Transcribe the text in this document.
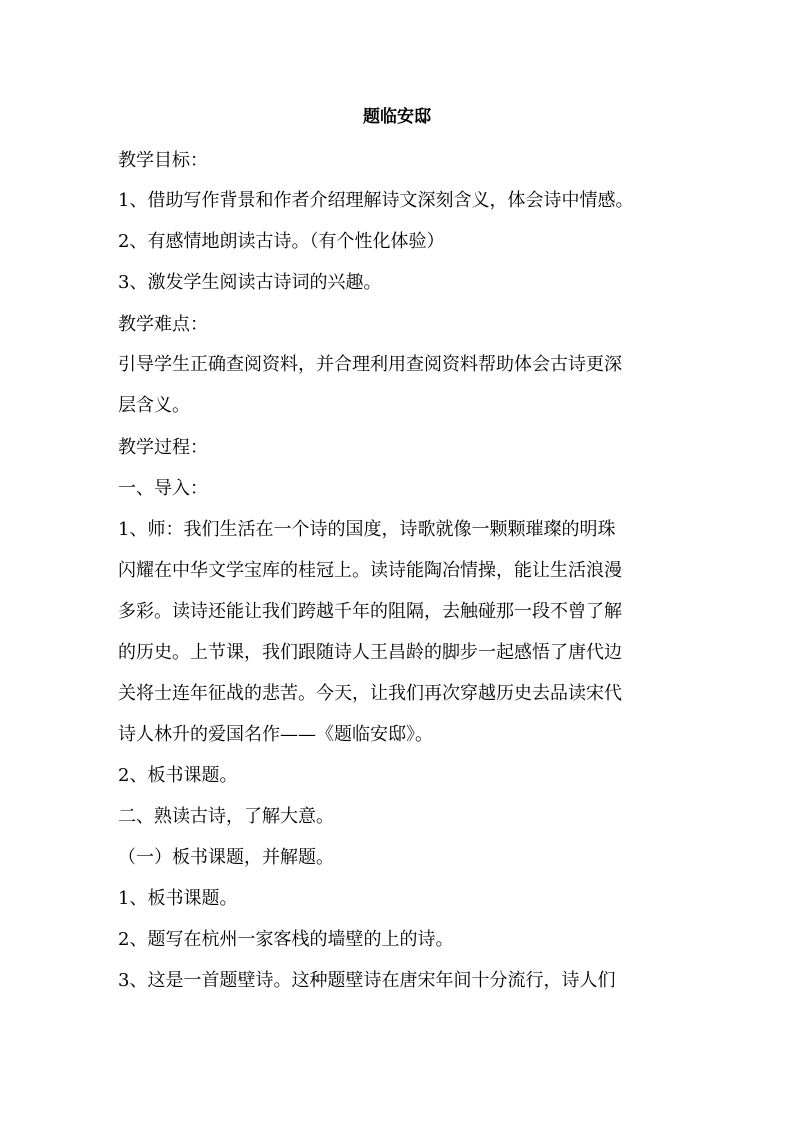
题临安邸
教学目标：
1、借助写作背景和作者介绍理解诗文深刻含义，体会诗中情感。
2、有感情地朗读古诗。（有个性化体验）
3、激发学生阅读古诗词的兴趣。
教学难点：
引导学生正确查阅资料，并合理利用查阅资料帮助体会古诗更深
层含义。
教学过程：
一、导入：
1、师：我们生活在一个诗的国度，诗歌就像一颗颗璀璨的明珠
闪耀在中华文学宝库的桂冠上。读诗能陶冶情操，能让生活浪漫
多彩。读诗还能让我们跨越千年的阻隔，去触碰那一段不曾了解
的历史。上节课，我们跟随诗人王昌龄的脚步一起感悟了唐代边
关将士连年征战的悲苦。今天，让我们再次穿越历史去品读宋代
诗人林升的爱国名作——《题临安邸》。
2、板书课题。
二、熟读古诗，了解大意。
（一）板书课题，并解题。
1、板书课题。
2、题写在杭州一家客栈的墙壁的上的诗。
3、这是一首题壁诗。这种题壁诗在唐宋年间十分流行，诗人们
